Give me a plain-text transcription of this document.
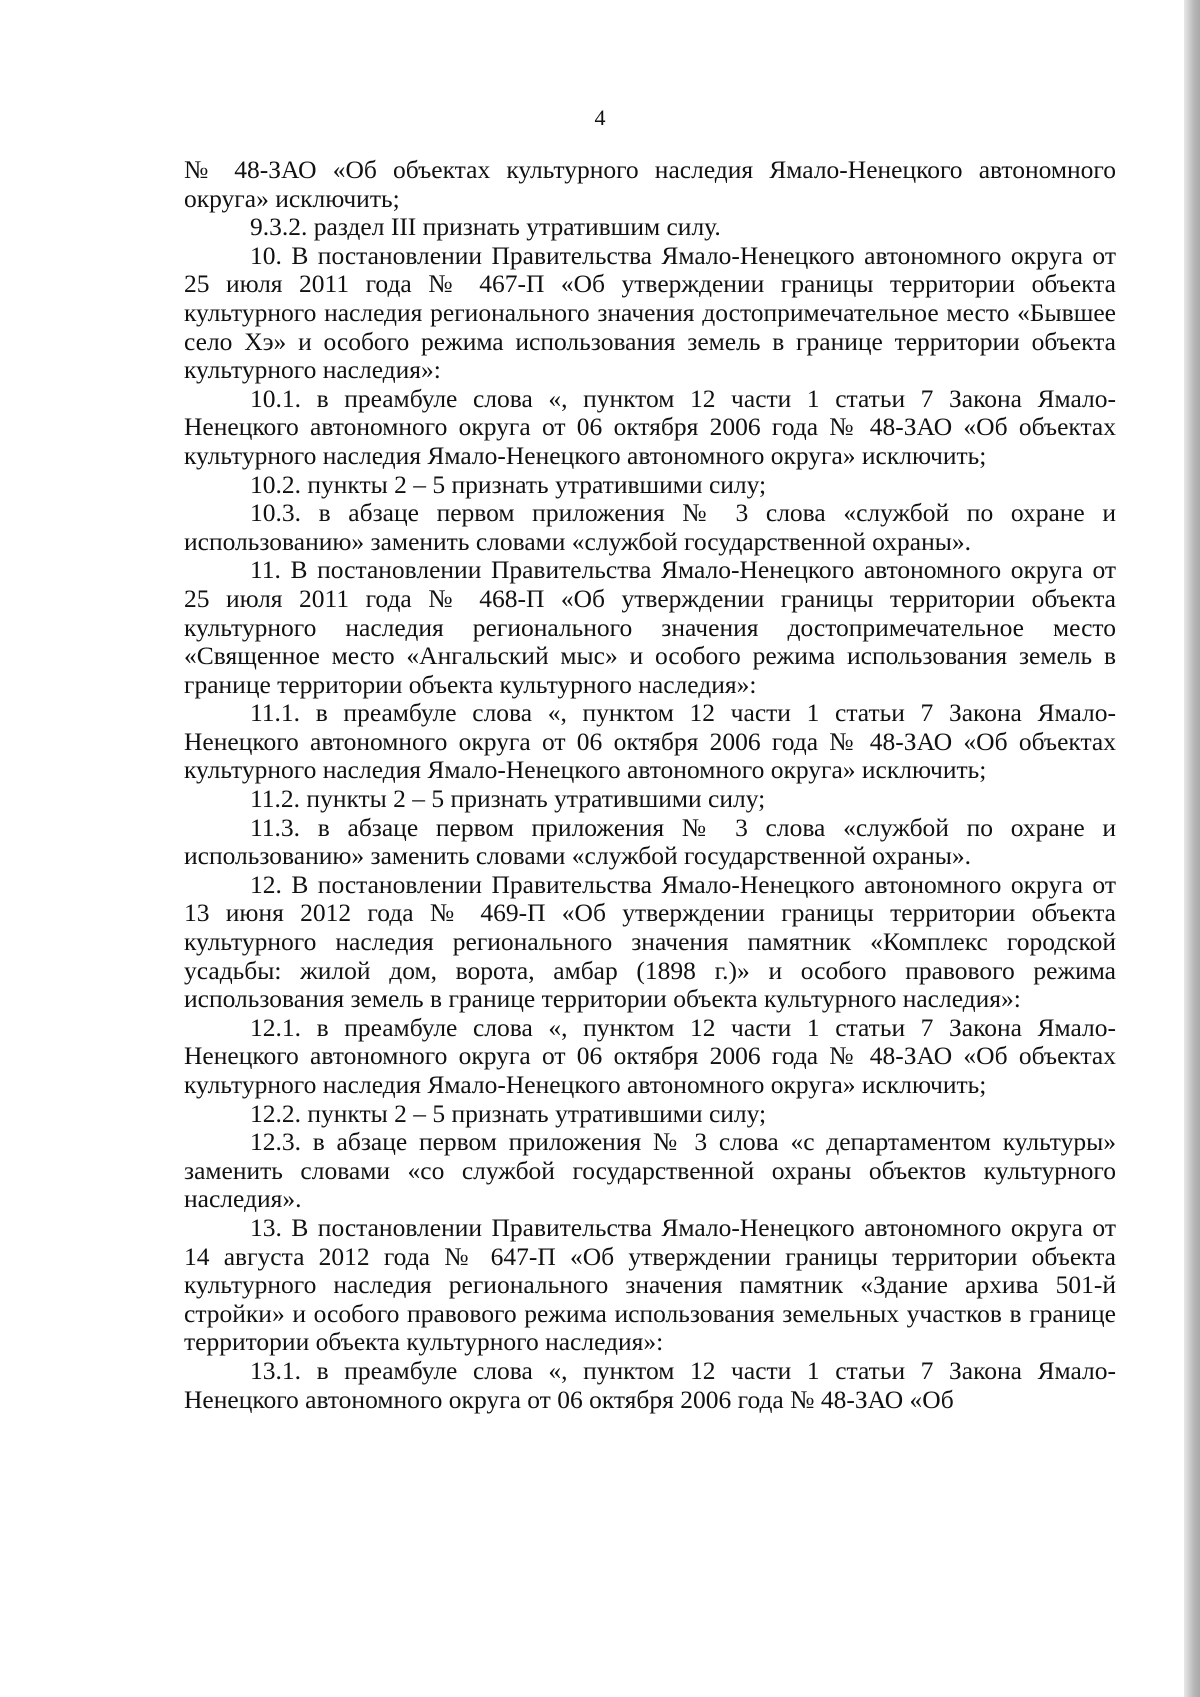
4

№ 48-ЗАО «Об объектах культурного наследия Ямало-Ненецкого автономного округа» исключить;

9.3.2. раздел III признать утратившим силу.

10. В постановлении Правительства Ямало-Ненецкого автономного округа от 25 июля 2011 года № 467-П «Об утверждении границы территории объекта культурного наследия регионального значения достопримечательное место «Бывшее село Хэ» и особого режима использования земель в границе территории объекта культурного наследия»:

10.1. в преамбуле слова «, пунктом 12 части 1 статьи 7 Закона Ямало-Ненецкого автономного округа от 06 октября 2006 года № 48-ЗАО «Об объектах культурного наследия Ямало-Ненецкого автономного округа» исключить;

10.2. пункты 2 – 5 признать утратившими силу;

10.3. в абзаце первом приложения № 3 слова «службой по охране и использованию» заменить словами «службой государственной охраны».

11. В постановлении Правительства Ямало-Ненецкого автономного округа от 25 июля 2011 года № 468-П «Об утверждении границы территории объекта культурного наследия регионального значения достопримечательное место «Священное место «Ангальский мыс» и особого режима использования земель в границе территории объекта культурного наследия»:

11.1. в преамбуле слова «, пунктом 12 части 1 статьи 7 Закона Ямало-Ненецкого автономного округа от 06 октября 2006 года № 48-ЗАО «Об объектах культурного наследия Ямало-Ненецкого автономного округа» исключить;

11.2. пункты 2 – 5 признать утратившими силу;

11.3. в абзаце первом приложения № 3 слова «службой по охране и использованию» заменить словами «службой государственной охраны».

12. В постановлении Правительства Ямало-Ненецкого автономного округа от 13 июня 2012 года № 469-П «Об утверждении границы территории объекта культурного наследия регионального значения памятник «Комплекс городской усадьбы: жилой дом, ворота, амбар (1898 г.)» и особого правового режима использования земель в границе территории объекта культурного наследия»:

12.1. в преамбуле слова «, пунктом 12 части 1 статьи 7 Закона Ямало-Ненецкого автономного округа от 06 октября 2006 года № 48-ЗАО «Об объектах культурного наследия Ямало-Ненецкого автономного округа» исключить;

12.2. пункты 2 – 5 признать утратившими силу;

12.3. в абзаце первом приложения № 3 слова «с департаментом культуры» заменить словами «со службой государственной охраны объектов культурного наследия».

13. В постановлении Правительства Ямало-Ненецкого автономного округа от 14 августа 2012 года № 647-П «Об утверждении границы территории объекта культурного наследия регионального значения памятник «Здание архива 501-й стройки» и особого правового режима использования земельных участков в границе территории объекта культурного наследия»:

13.1. в преамбуле слова «, пунктом 12 части 1 статьи 7 Закона Ямало-Ненецкого автономного округа от 06 октября 2006 года № 48-ЗАО «Об
